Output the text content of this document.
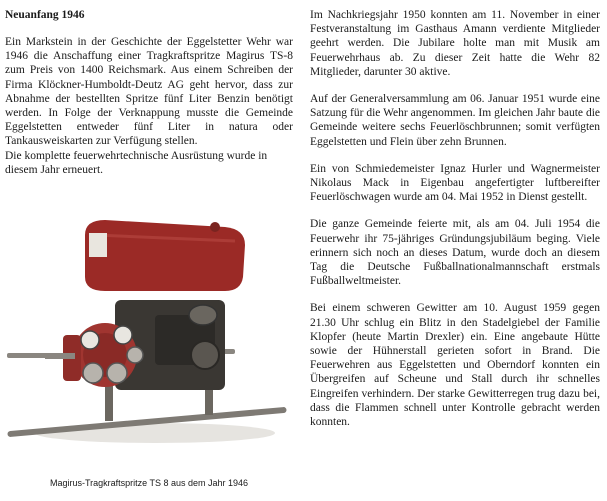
Neuanfang 1946

Ein Markstein in der Geschichte der Eggelstetter Wehr war 1946 die Anschaffung einer Tragkraftspritze Magirus TS-8 zum Preis von 1400 Reichsmark. Aus einem Schreiben der Firma Klöckner-Humboldt-Deutz AG geht hervor, dass zur Abnahme der bestellten Spritze fünf Liter Benzin benötigt werden. In Folge der Verknappung musste die Gemeinde Eggelstetten entweder fünf Liter in natura oder Tankausweiskarten zur Verfügung stellen.

Die komplette feuerwehrtechnische Ausrüstung wurde in diesem Jahr erneuert.

Magirus-Tragkraftspritze TS 8 aus dem Jahr 1946

Im Nachkriegsjahr 1950 konnten am 11. November in einer Festveranstaltung im Gasthaus Amann verdiente Mitglieder geehrt werden. Die Jubilare holte man mit Musik am Feuerwehrhaus ab. Zu dieser Zeit hatte die Wehr 82 Mitglieder, darunter 30 aktive.

Auf der Generalversammlung am 06. Januar 1951 wurde eine Satzung für die Wehr angenommen. Im gleichen Jahr baute die Gemeinde weitere sechs Feuerlöschbrunnen; somit verfügten Eggelstetten und Flein über zehn Brunnen.

Ein von Schmiedemeister Ignaz Hurler und Wagnermeister Nikolaus Mack in Eigenbau angefertigter luftbereifter Feuerlöschwagen wurde am 04. Mai 1952 in Dienst gestellt.

Die ganze Gemeinde feierte mit, als am 04. Juli 1954 die Feuerwehr ihr 75-jähriges Gründungsjubiläum beging. Viele erinnern sich noch an dieses Datum, wurde doch an diesem Tag die Deutsche Fußballnationalmannschaft erstmals Fußballweltmeister.

Bei einem schweren Gewitter am 10. August 1959 gegen 21.30 Uhr schlug ein Blitz in den Stadelgiebel der Familie Klopfer (heute Martin Drexler) ein. Eine angebaute Hütte sowie der Hühnerstall gerieten sofort in Brand. Die Feuerwehren aus Eggelstetten und Oberndorf konnten ein Übergreifen auf Scheune und Stall durch ihr schnelles Eingreifen verhindern. Der starke Gewitterregen trug dazu bei, dass die Flammen schnell unter Kontrolle gebracht werden konnten.
